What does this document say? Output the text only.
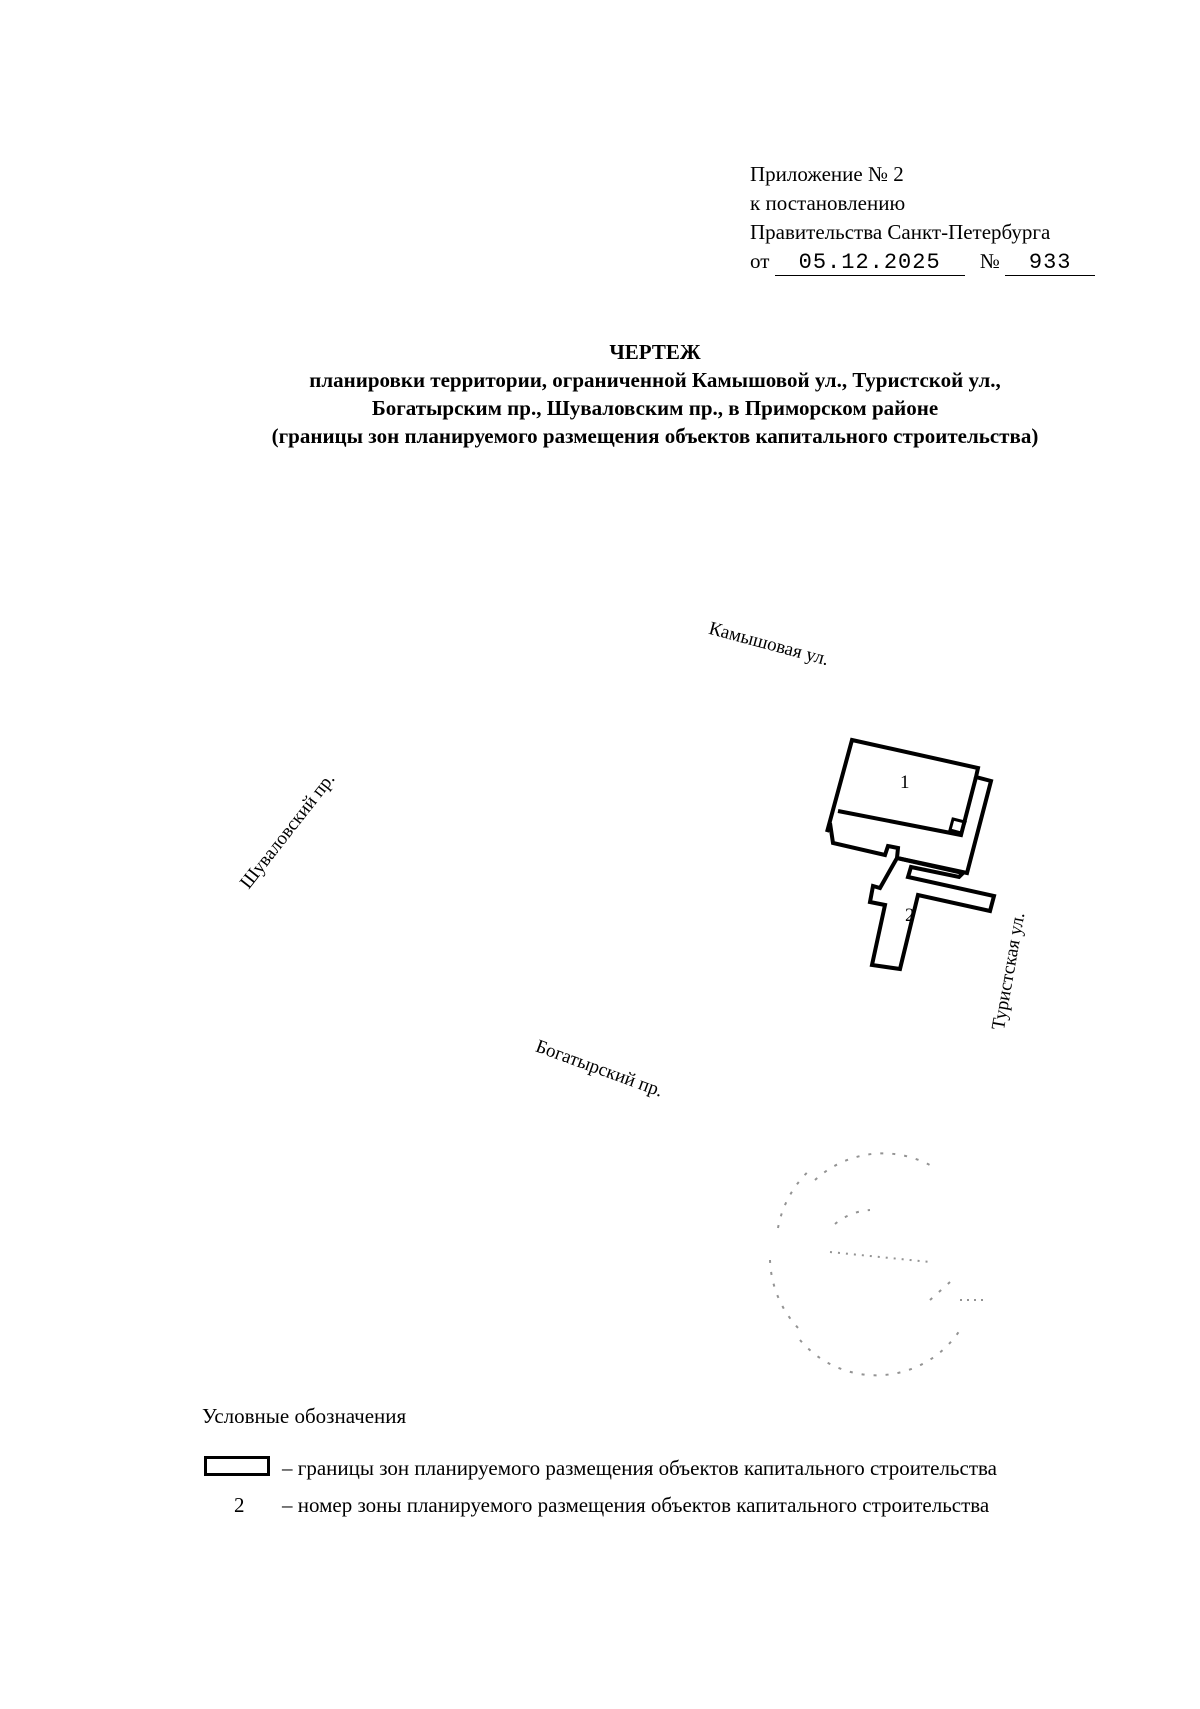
Приложение № 2
к постановлению
Правительства Санкт-Петербурга
от 05.12.2025 № 933
ЧЕРТЕЖ
планировки территории, ограниченной Камышовой ул., Туристской ул.,
Богатырским пр., Шуваловским пр., в Приморском районе
(границы зон планируемого размещения объектов капитального строительства)
Камышовая ул.
Шуваловский пр.
Богатырский пр.
Туристская ул.
1
2
Условные обозначения
– границы зон планируемого размещения объектов капитального строительства
2 – номер зоны планируемого размещения объектов капитального строительства
